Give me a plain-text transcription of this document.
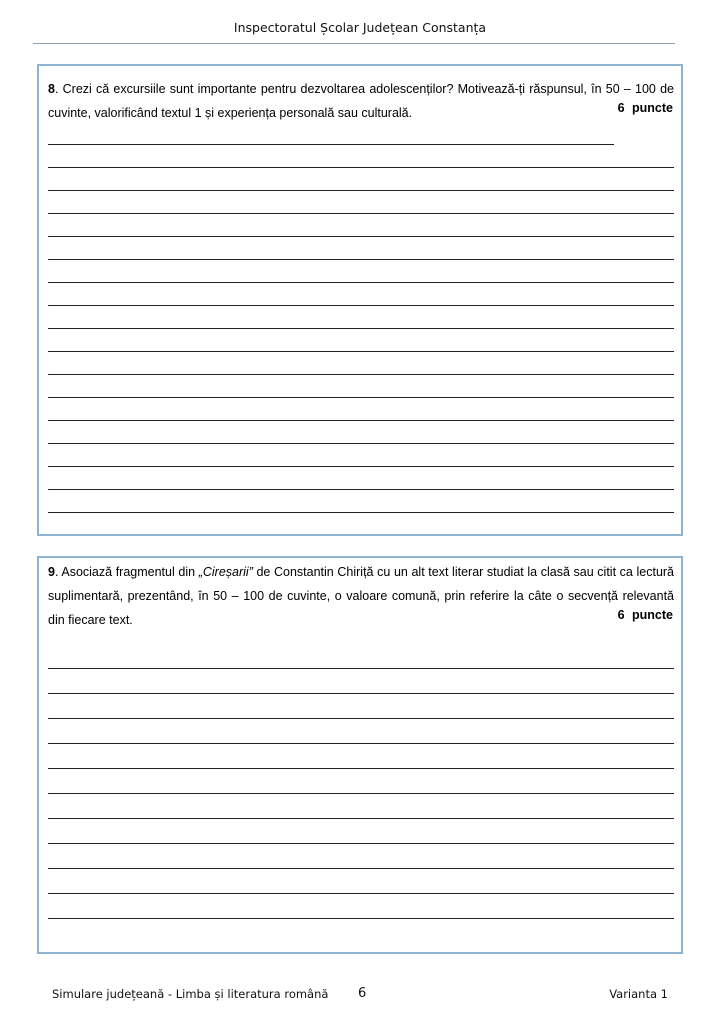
Inspectoratul Școlar Județean Constanța
8. Crezi că excursiile sunt importante pentru dezvoltarea adolescenților? Motivează-ți răspunsul, în 50 – 100 de cuvinte, valorificând textul 1 și experiența personală sau culturală.	6 puncte
9. Asociază fragmentul din „Cireșarii” de Constantin Chiriță cu un alt text literar studiat la clasă sau citit ca lectură suplimentară, prezentând, în 50 – 100 de cuvinte, o valoare comună, prin referire la câte o secvență relevantă din fiecare text.	6 puncte
Simulare județeană - Limba și literatura română 6	Varianta 1
